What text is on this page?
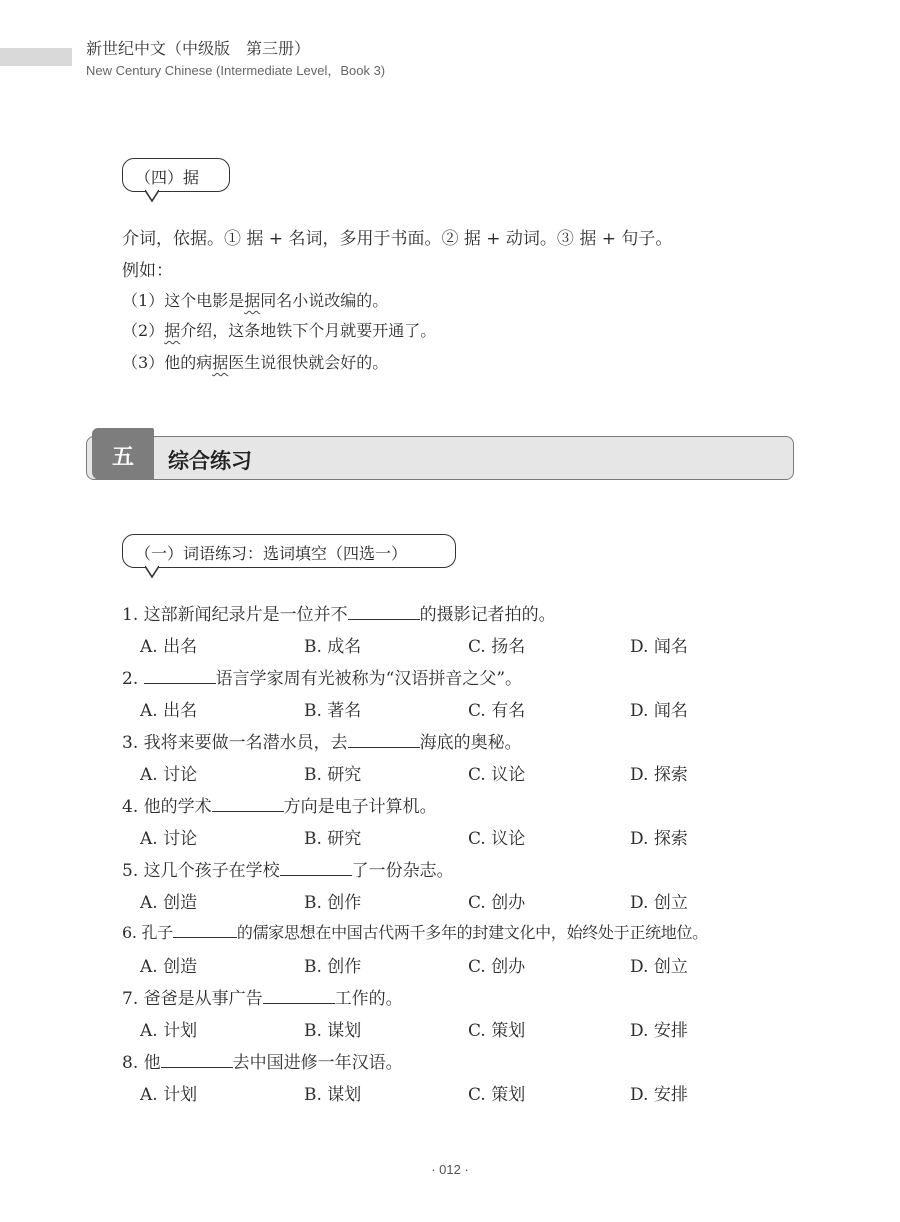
新世纪中文（中级版　第三册）
New Century Chinese (Intermediate Level，Book 3)
（四）据
介词，依据。① 据 + 名词，多用于书面。② 据 + 动词。③ 据 + 句子。
例如：
（1）这个电影是据同名小说改编的。
（2）据介绍，这条地铁下个月就要开通了。
（3）他的病据医生说很快就会好的。
五	综合练习
（一）词语练习：选词填空（四选一）
1. 这部新闻纪录片是一位并不	的摄影记者拍的。
A. 出名	B. 成名	C. 扬名	D. 闻名
2.	语言学家周有光被称为“汉语拼音之父”。
A. 出名	B. 著名	C. 有名	D. 闻名
3. 我将来要做一名潜水员，去	海底的奥秘。
A. 讨论	B. 研究	C. 议论	D. 探索
4. 他的学术	方向是电子计算机。
A. 讨论	B. 研究	C. 议论	D. 探索
5. 这几个孩子在学校	了一份杂志。
A. 创造	B. 创作	C. 创办	D. 创立
6. 孔子	的儒家思想在中国古代两千多年的封建文化中，始终处于正统地位。
A. 创造	B. 创作	C. 创办	D. 创立
7. 爸爸是从事广告	工作的。
A. 计划	B. 谋划	C. 策划	D. 安排
8. 他	去中国进修一年汉语。
A. 计划	B. 谋划	C. 策划	D. 安排
· 012 ·
